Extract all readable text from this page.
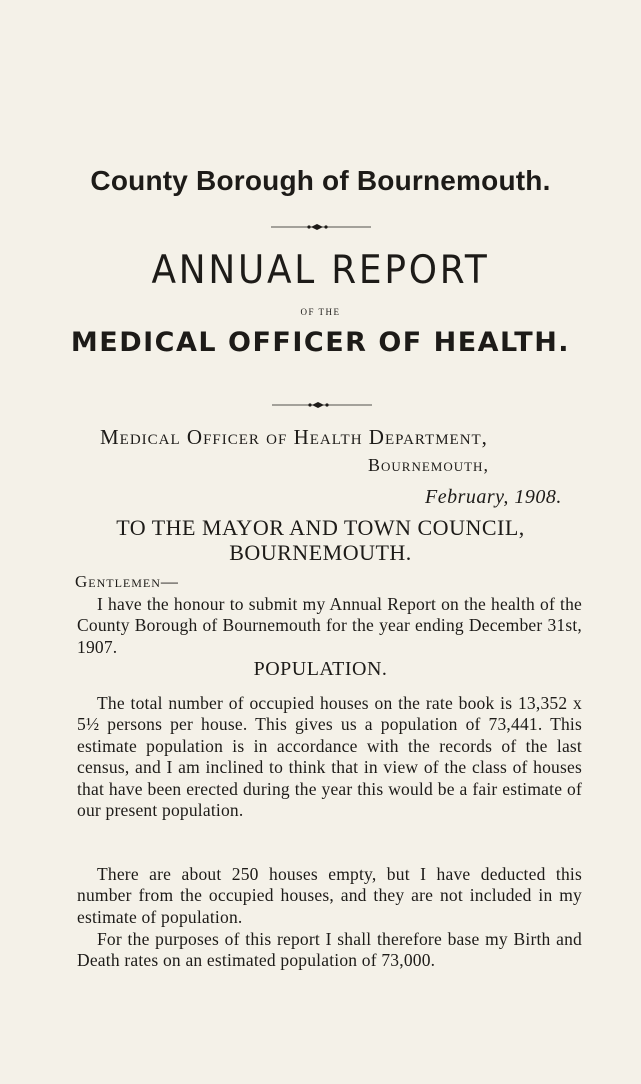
County Borough of Bournemouth.
ANNUAL REPORT
OF THE
MEDICAL OFFICER OF HEALTH.
Medical Officer of Health Department,
Bournemouth,
February, 1908.
TO THE MAYOR AND TOWN COUNCIL,
BOURNEMOUTH.
Gentlemen—
I have the honour to submit my Annual Report on the health of the County Borough of Bournemouth for the year ending December 31st, 1907.
POPULATION.
The total number of occupied houses on the rate book is 13,352 x 5½ persons per house. This gives us a population of 73,441. This estimate population is in accordance with the records of the last census, and I am inclined to think that in view of the class of houses that have been erected during the year this would be a fair estimate of our present population.
There are about 250 houses empty, but I have deducted this number from the occupied houses, and they are not included in my estimate of population.
For the purposes of this report I shall therefore base my Birth and Death rates on an estimated population of 73,000.
